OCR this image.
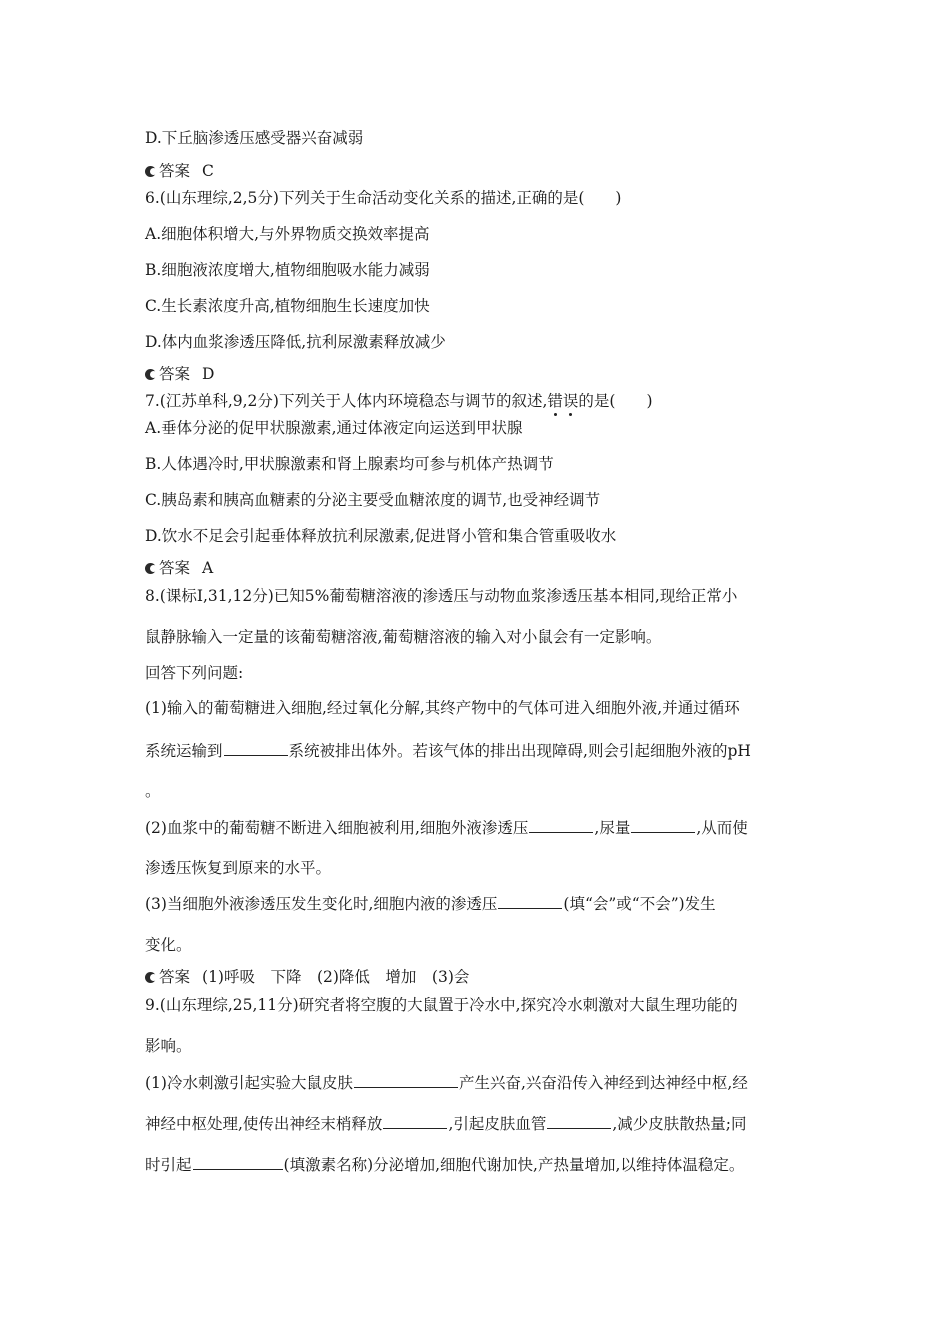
D.下丘脑渗透压感受器兴奋减弱
答案 C
6.(山东理综,2,5分)下列关于生命活动变化关系的描述,正确的是(　　)
A.细胞体积增大,与外界物质交换效率提高
B.细胞液浓度增大,植物细胞吸水能力减弱
C.生长素浓度升高,植物细胞生长速度加快
D.体内血浆渗透压降低,抗利尿激素释放减少
答案 D
7.(江苏单科,9,2分)下列关于人体内环境稳态与调节的叙述,错误的是(　　)
A.垂体分泌的促甲状腺激素,通过体液定向运送到甲状腺
B.人体遇冷时,甲状腺激素和肾上腺素均可参与机体产热调节
C.胰岛素和胰高血糖素的分泌主要受血糖浓度的调节,也受神经调节
D.饮水不足会引起垂体释放抗利尿激素,促进肾小管和集合管重吸收水
答案 A
8.(课标Ⅰ,31,12分)已知5%葡萄糖溶液的渗透压与动物血浆渗透压基本相同,现给正常小
鼠静脉输入一定量的该葡萄糖溶液,葡萄糖溶液的输入对小鼠会有一定影响。
回答下列问题:
(1)输入的葡萄糖进入细胞,经过氧化分解,其终产物中的气体可进入细胞外液,并通过循环
系统运输到	系统被排出体外。若该气体的排出出现障碍,则会引起细胞外液的pH
。
(2)血浆中的葡萄糖不断进入细胞被利用,细胞外液渗透压	,尿量	,从而使
渗透压恢复到原来的水平。
(3)当细胞外液渗透压发生变化时,细胞内液的渗透压	(填“会”或“不会”)发生
变化。
答案 (1)呼吸　下降　(2)降低　增加　(3)会
9.(山东理综,25,11分)研究者将空腹的大鼠置于冷水中,探究冷水刺激对大鼠生理功能的
影响。
(1)冷水刺激引起实验大鼠皮肤	产生兴奋,兴奋沿传入神经到达神经中枢,经
神经中枢处理,使传出神经末梢释放	,引起皮肤血管	,减少皮肤散热量;同
时引起	(填激素名称)分泌增加,细胞代谢加快,产热量增加,以维持体温稳定。
